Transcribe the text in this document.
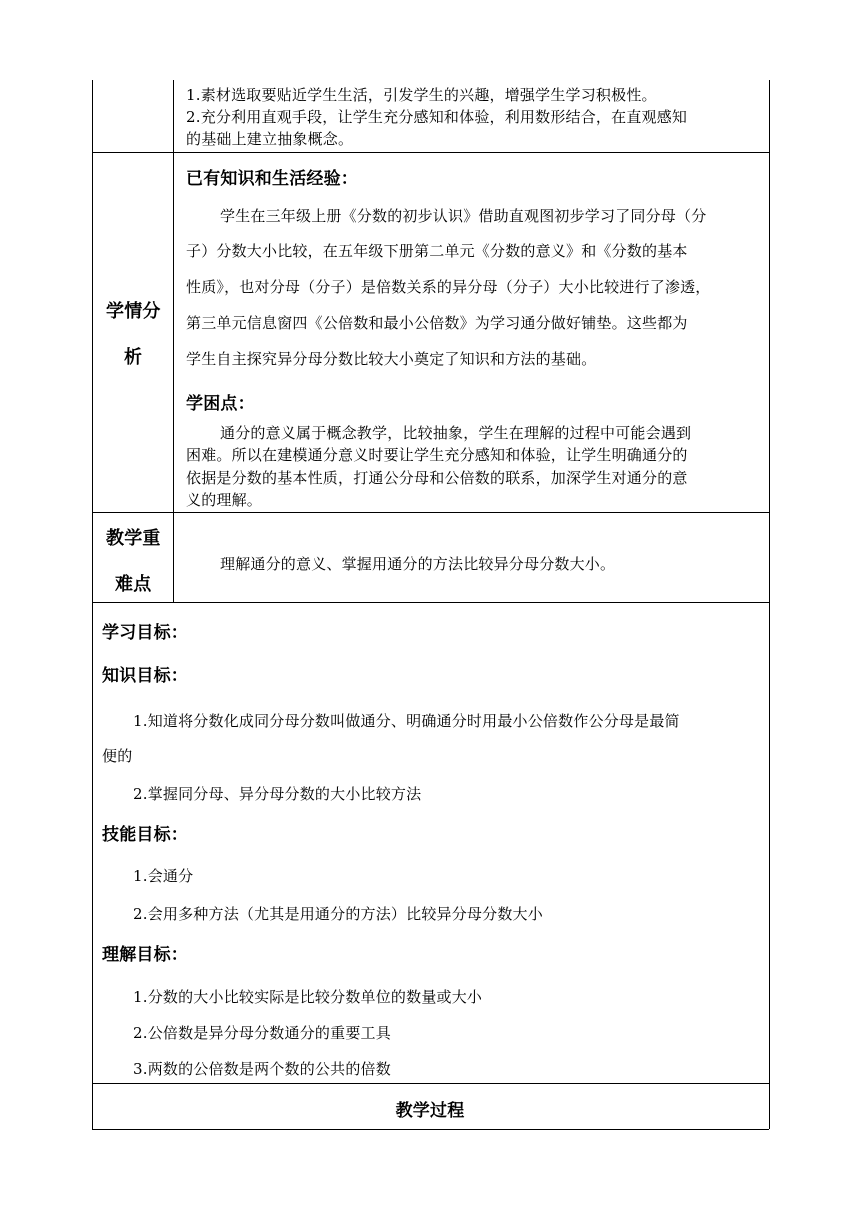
1.素材选取要贴近学生生活，引发学生的兴趣，增强学生学习积极性。
2.充分利用直观手段，让学生充分感知和体验，利用数形结合，在直观感知
的基础上建立抽象概念。
学情分
析
已有知识和生活经验：
学生在三年级上册《分数的初步认识》借助直观图初步学习了同分母（分
子）分数大小比较，在五年级下册第二单元《分数的意义》和《分数的基本
性质》，也对分母（分子）是倍数关系的异分母（分子）大小比较进行了渗透，
第三单元信息窗四《公倍数和最小公倍数》为学习通分做好铺垫。这些都为
学生自主探究异分母分数比较大小奠定了知识和方法的基础。
学困点：
通分的意义属于概念教学，比较抽象，学生在理解的过程中可能会遇到
困难。所以在建模通分意义时要让学生充分感知和体验，让学生明确通分的
依据是分数的基本性质，打通公分母和公倍数的联系，加深学生对通分的意
义的理解。
教学重
难点
理解通分的意义、掌握用通分的方法比较异分母分数大小。
学习目标：
知识目标：
1.知道将分数化成同分母分数叫做通分、明确通分时用最小公倍数作公分母是最简
便的
2.掌握同分母、异分母分数的大小比较方法
技能目标：
1.会通分
2.会用多种方法（尤其是用通分的方法）比较异分母分数大小
理解目标：
1.分数的大小比较实际是比较分数单位的数量或大小
2.公倍数是异分母分数通分的重要工具
3.两数的公倍数是两个数的公共的倍数
教学过程
